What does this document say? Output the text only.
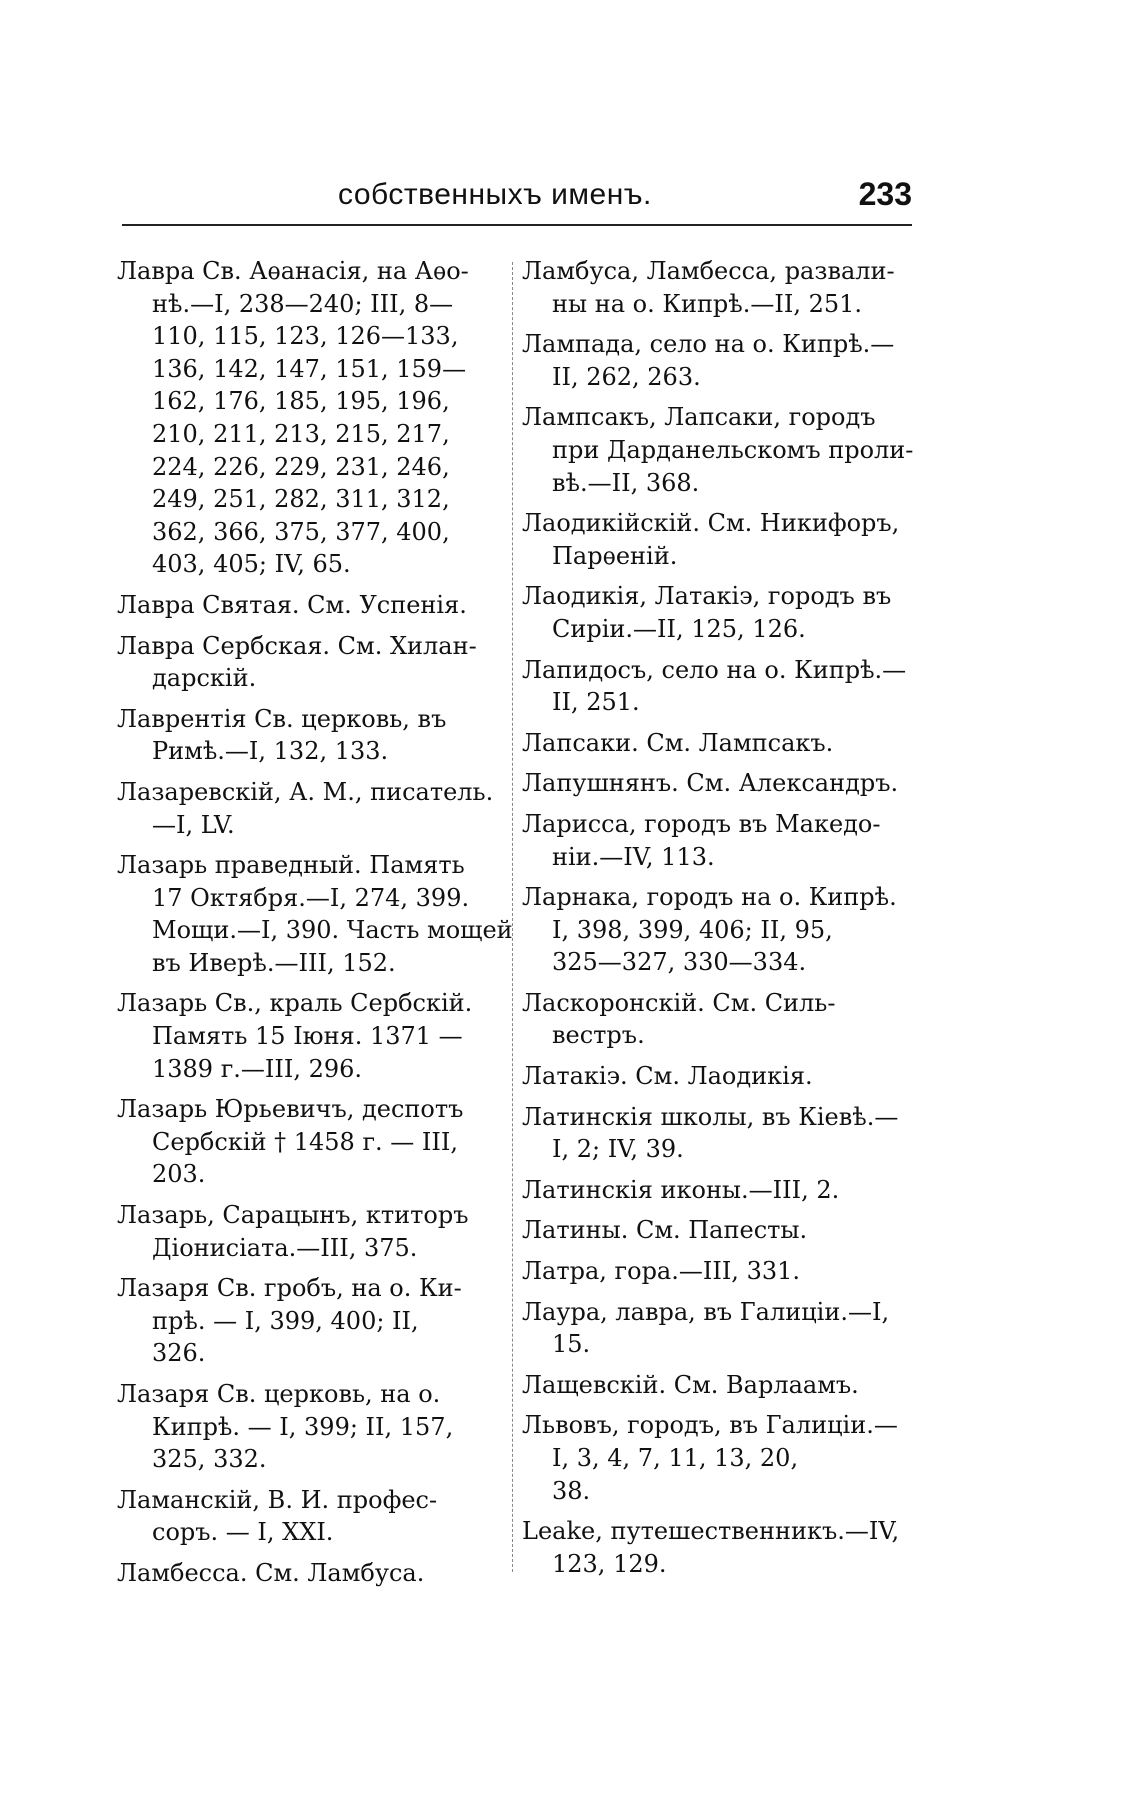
собственныхъ именъ.	233
Лавра Св. Аѳанасія, на Аѳо-
нѣ.—I, 238—240; III, 8—
110, 115, 123, 126—133,
136, 142, 147, 151, 159—
162, 176, 185, 195, 196,
210, 211, 213, 215, 217,
224, 226, 229, 231, 246,
249, 251, 282, 311, 312,
362, 366, 375, 377, 400,
403, 405; IV, 65.
Лавра Святая. См. Успенія.
Лавра Сербская. См. Хилан-
дарскій.
Лаврентія Св. церковь, въ
Римѣ.—I, 132, 133.
Лазаревскій, А. М., писатель.
—I, LV.
Лазарь праведный. Память
17 Октября.—I, 274, 399.
Мощи.—I, 390. Часть мощей
въ Иверѣ.—III, 152.
Лазарь Св., краль Сербскій.
Память 15 Іюня. 1371 —
1389 г.—III, 296.
Лазарь Юрьевичъ, деспотъ
Сербскій † 1458 г. — III,
203.
Лазарь, Сарацынъ, ктиторъ
Діонисіата.—III, 375.
Лазаря Св. гробъ, на о. Ки-
прѣ. — I, 399, 400; II,
326.
Лазаря Св. церковь, на о.
Кипрѣ. — I, 399; II, 157,
325, 332.
Ламанскій, В. И. профес-
соръ. — I, XXI.
Ламбесса. См. Ламбуса.
Ламбуса, Ламбесса, развали-
ны на о. Кипрѣ.—II, 251.
Лампада, село на о. Кипрѣ.—
II, 262, 263.
Лампсакъ, Лапсаки, городъ
при Дарданельскомъ проли-
вѣ.—II, 368.
Лаодикійскій. См. Никифоръ,
Парѳеній.
Лаодикія, Латакіэ, городъ въ
Сиріи.—II, 125, 126.
Лапидосъ, село на о. Кипрѣ.—
II, 251.
Лапсаки. См. Лампсакъ.
Лапушнянъ. См. Александръ.
Ларисса, городъ въ Македо-
ніи.—IV, 113.
Ларнака, городъ на о. Кипрѣ.
I, 398, 399, 406; II, 95,
325—327, 330—334.
Ласкоронскій. См. Силь-
вестръ.
Латакіэ. См. Лаодикія.
Латинскія школы, въ Кіевѣ.—
I, 2; IV, 39.
Латинскія иконы.—III, 2.
Латины. См. Папесты.
Латра, гора.—III, 331.
Лаура, лавра, въ Галиціи.—I,
15.
Лащевскій. См. Варлаамъ.
Львовъ, городъ, въ Галиціи.—
I, 3, 4, 7, 11, 13, 20,
38.
Leake, путешественникъ.—IV,
123, 129.
